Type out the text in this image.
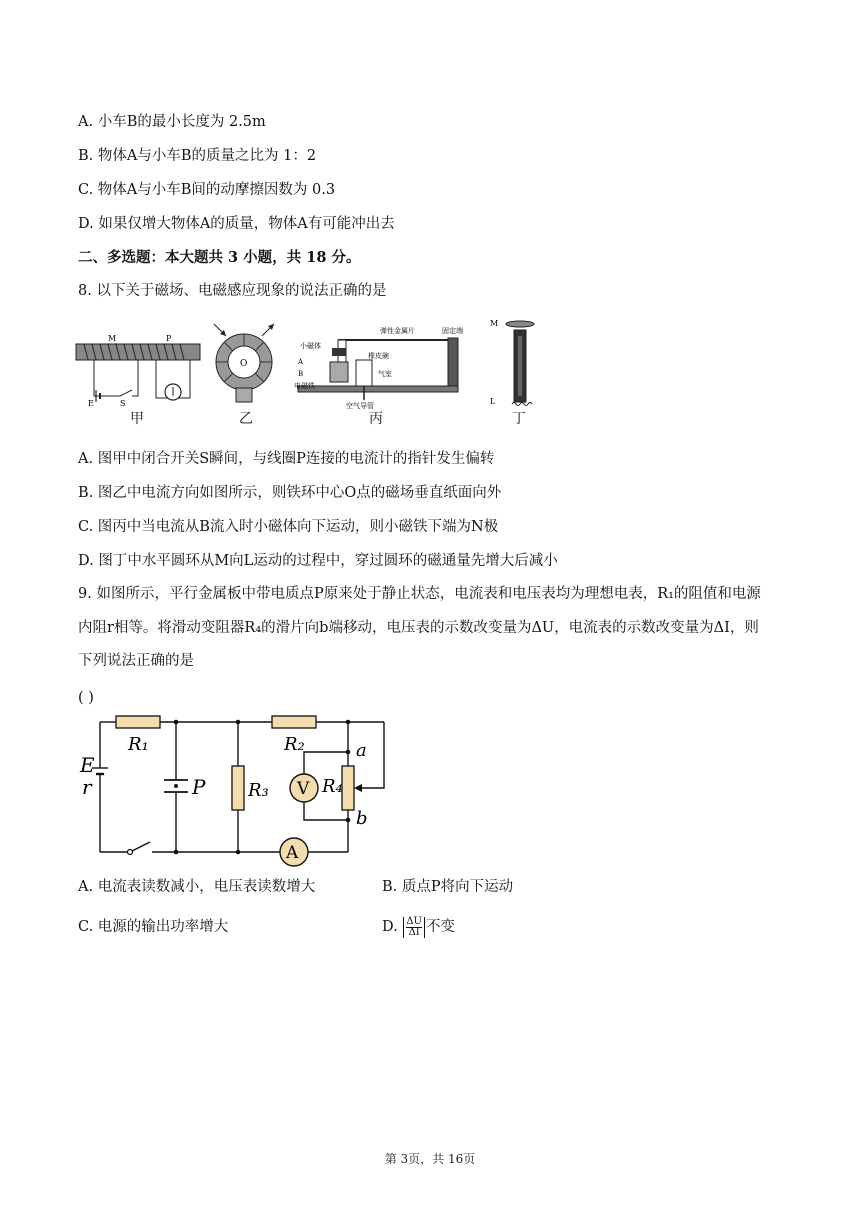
A. 小车B的最小长度为 2.5m
B. 物体A与小车B的质量之比为 1：2
C. 物体A与小车B间的动摩擦因数为 0.3
D. 如果仅增大物体A的质量，物体A有可能冲出去
二、多选题：本大题共 3 小题，共 18 分。
8. 以下关于磁场、电磁感应现象的说法正确的是
M	P
E	S
甲
O
乙
弹性金属片	固定端
小磁体
橡皮碗
气室
A
B
电磁铁
空气导管
丙
M
L
丁
A. 图甲中闭合开关S瞬间，与线圈P连接的电流计的指针发生偏转
B. 图乙中电流方向如图所示，则铁环中心O点的磁场垂直纸面向外
C. 图丙中当电流从B流入时小磁体向下运动，则小磁铁下端为N极
D. 图丁中水平圆环从M向L运动的过程中，穿过圆环的磁通量先增大后减小
9. 如图所示，平行金属板中带电质点P原来处于静止状态，电流表和电压表均为理想电表，R₁的阻值和电源
内阻r相等。将滑动变阻器R₄的滑片向b端移动，电压表的示数改变量为ΔU，电流表的示数改变量为ΔI，则
下列说法正确的是
( )
V
A
R₁	R₂
R₃	R₄
E
r	P
a
b
A. 电流表读数减小，电压表读数增大	B. 质点P将向下运动
C. 电源的输出功率增大	D. $\frac{\Delta U}{\Delta I}$ 不变
第 3页，共 16页
